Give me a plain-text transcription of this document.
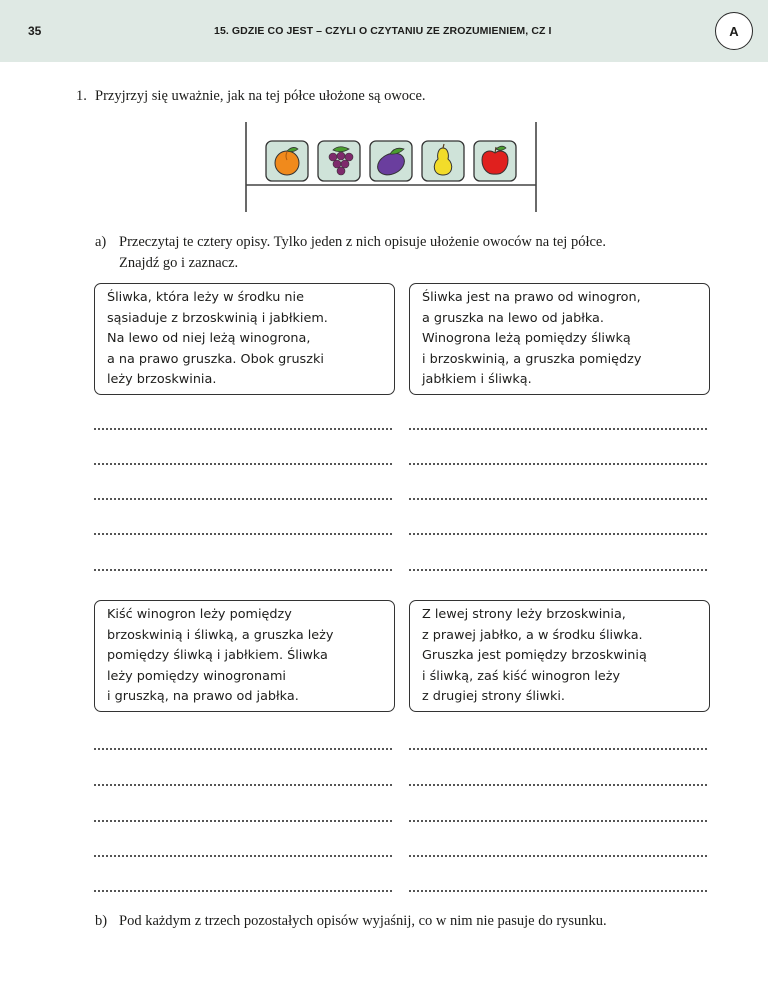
35	15. GDZIE CO JEST – CZYLI O CZYTANIU ZE ZROZUMIENIEM, CZ I	A
1. Przyjrzyj się uważnie, jak na tej półce ułożone są owoce.
a) Przeczytaj te cztery opisy. Tylko jeden z nich opisuje ułożenie owoców na tej półce.
Znajdź go i zaznacz.
Śliwka, która leży w środku nie
sąsiaduje z brzoskwinią i jabłkiem.
Na lewo od niej leżą winogrona,
a na prawo gruszka. Obok gruszki
leży brzoskwinia.
Śliwka jest na prawo od winogron,
a gruszka na lewo od jabłka.
Winogrona leżą pomiędzy śliwką
i brzoskwinią, a gruszka pomiędzy
jabłkiem i śliwką.
Kiść winogron leży pomiędzy
brzoskwinią i śliwką, a gruszka leży
pomiędzy śliwką i jabłkiem. Śliwka
leży pomiędzy winogronami
i gruszką, na prawo od jabłka.
Z lewej strony leży brzoskwinia,
z prawej jabłko, a w środku śliwka.
Gruszka jest pomiędzy brzoskwinią
i śliwką, zaś kiść winogron leży
z drugiej strony śliwki.
b) Pod każdym z trzech pozostałych opisów wyjaśnij, co w nim nie pasuje do rysunku.
